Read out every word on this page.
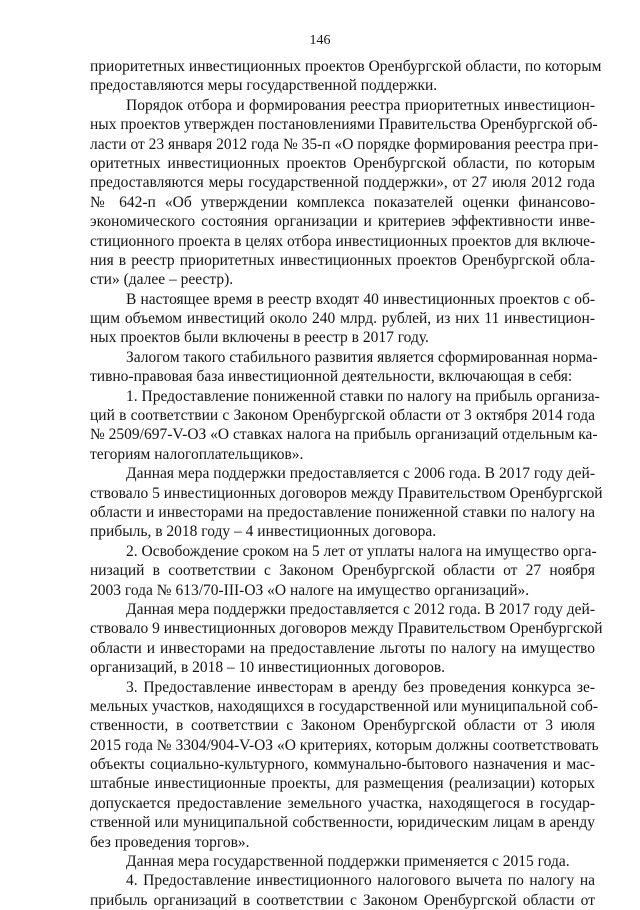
146
приоритетных инвестиционных проектов Оренбургской области, по которым
предоставляются меры государственной поддержки.
Порядок отбора и формирования реестра приоритетных инвестицион-
ных проектов утвержден постановлениями Правительства Оренбургской об-
ласти от 23 января 2012 года № 35-п «О порядке формирования реестра при-
оритетных инвестиционных проектов Оренбургской области, по которым
предоставляются меры государственной поддержки», от 27 июля 2012 года
№ 642-п «Об утверждении комплекса показателей оценки финансово-
экономического состояния организации и критериев эффективности инве-
стиционного проекта в целях отбора инвестиционных проектов для включе-
ния в реестр приоритетных инвестиционных проектов Оренбургской обла-
сти» (далее – реестр).
В настоящее время в реестр входят 40 инвестиционных проектов с об-
щим объемом инвестиций около 240 млрд. рублей, из них 11 инвестицион-
ных проектов были включены в реестр в 2017 году.
Залогом такого стабильного развития является сформированная норма-
тивно-правовая база инвестиционной деятельности, включающая в себя:
1. Предоставление пониженной ставки по налогу на прибыль организа-
ций в соответствии с Законом Оренбургской области от 3 октября 2014 года
№ 2509/697-V-ОЗ «О ставках налога на прибыль организаций отдельным ка-
тегориям налогоплательщиков».
Данная мера поддержки предоставляется с 2006 года. В 2017 году дей-
ствовало 5 инвестиционных договоров между Правительством Оренбургской
области и инвесторами на предоставление пониженной ставки по налогу на
прибыль, в 2018 году – 4 инвестиционных договора.
2. Освобождение сроком на 5 лет от уплаты налога на имущество орга-
низаций в соответствии с Законом Оренбургской области от 27 ноября
2003 года № 613/70-III-ОЗ «О налоге на имущество организаций».
Данная мера поддержки предоставляется с 2012 года. В 2017 году дей-
ствовало 9 инвестиционных договоров между Правительством Оренбургской
области и инвесторами на предоставление льготы по налогу на имущество
организаций, в 2018 – 10 инвестиционных договоров.
3. Предоставление инвесторам в аренду без проведения конкурса зе-
мельных участков, находящихся в государственной или муниципальной соб-
ственности, в соответствии с Законом Оренбургской области от 3 июля
2015 года № 3304/904-V-ОЗ «О критериях, которым должны соответствовать
объекты социально-культурного, коммунально-бытового назначения и мас-
штабные инвестиционные проекты, для размещения (реализации) которых
допускается предоставление земельного участка, находящегося в государ-
ственной или муниципальной собственности, юридическим лицам в аренду
без проведения торгов».
Данная мера государственной поддержки применяется с 2015 года.
4. Предоставление инвестиционного налогового вычета по налогу на
прибыль организаций в соответствии с Законом Оренбургской области от
